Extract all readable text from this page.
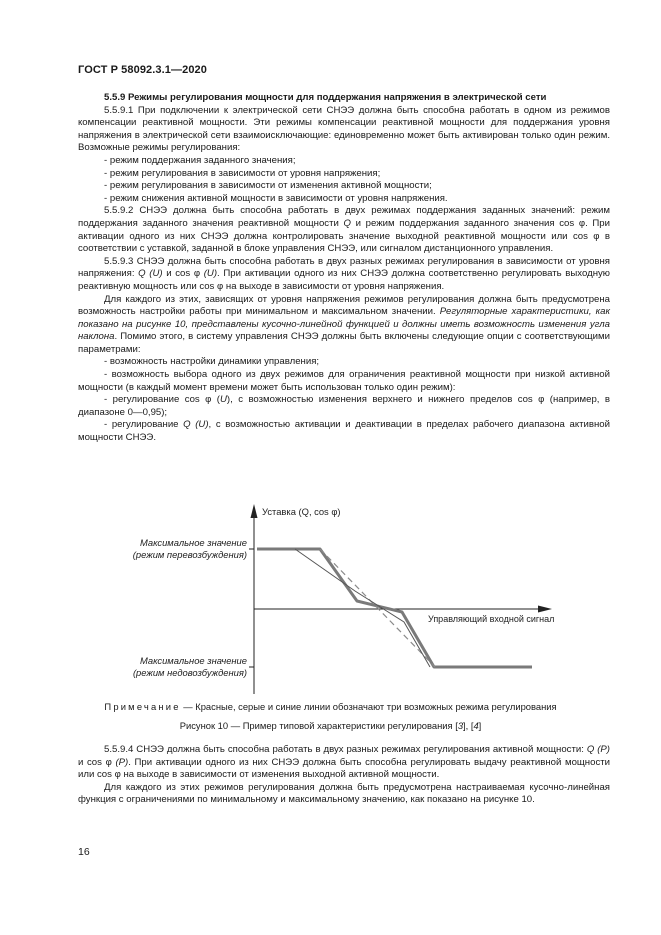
ГОСТ Р 58092.3.1—2020

5.5.9 Режимы регулирования мощности для поддержания напряжения в электрической сети

5.5.9.1 При подключении к электрической сети СНЭЭ должна быть способна работать в одном из режимов компенсации реактивной мощности. Эти режимы компенсации реактивной мощности для поддержания уровня напряжения в электрической сети взаимоисключающие: единовременно может быть активирован только один режим. Возможные режимы регулирования:

- режим поддержания заданного значения;

- режим регулирования в зависимости от уровня напряжения;

- режим регулирования в зависимости от изменения активной мощности;

- режим снижения активной мощности в зависимости от уровня напряжения.

5.5.9.2 СНЭЭ должна быть способна работать в двух режимах поддержания заданных значений: режим поддержания заданного значения реактивной мощности Q и режим поддержания заданного значения cos φ. При активации одного из них СНЭЭ должна контролировать значение выходной реактивной мощности или cos φ в соответствии с уставкой, заданной в блоке управления СНЭЭ, или сигналом дистанционного управления.

5.5.9.3 СНЭЭ должна быть способна работать в двух разных режимах регулирования в зависимости от уровня напряжения: Q (U) и cos φ (U). При активации одного из них СНЭЭ должна соответственно регулировать выходную реактивную мощность или cos φ на выходе в зависимости от уровня напряжения.

Для каждого из этих, зависящих от уровня напряжения режимов регулирования должна быть предусмотрена возможность настройки работы при минимальном и максимальном значении. Регуляторные характеристики, как показано на рисунке 10, представлены кусочно-линейной функцией и должны иметь возможность изменения угла наклона. Помимо этого, в систему управления СНЭЭ должны быть включены следующие опции с соответствующими параметрами:

- возможность настройки динамики управления;

- возможность выбора одного из двух режимов для ограничения реактивной мощности при низкой активной мощности (в каждый момент времени может быть использован только один режим):

- регулирование cos φ (U), с возможностью изменения верхнего и нижнего пределов cos φ (например, в диапазоне 0—0,95);

- регулирование Q (U), с возможностью активации и деактивации в пределах рабочего диапазона активной мощности СНЭЭ.

Уставка (Q, cos φ)
Управляющий входной сигнал
Максимальное значение
(режим перевозбуждения)
Максимальное значение
(режим недовозбуждения)
Примечание — Красные, серые и синие линии обозначают три возможных режима регулирования
Рисунок 10 — Пример типовой характеристики регулирования [3], [4]

5.5.9.4 СНЭЭ должна быть способна работать в двух разных режимах регулирования активной мощности: Q (P) и cos φ (P). При активации одного из них СНЭЭ должна быть способна регулировать выдачу реактивной мощности или cos φ на выходе в зависимости от изменения выходной активной мощности.

Для каждого из этих режимов регулирования должна быть предусмотрена настраиваемая кусочно-линейная функция с ограничениями по минимальному и максимальному значению, как показано на рисунке 10.

16
